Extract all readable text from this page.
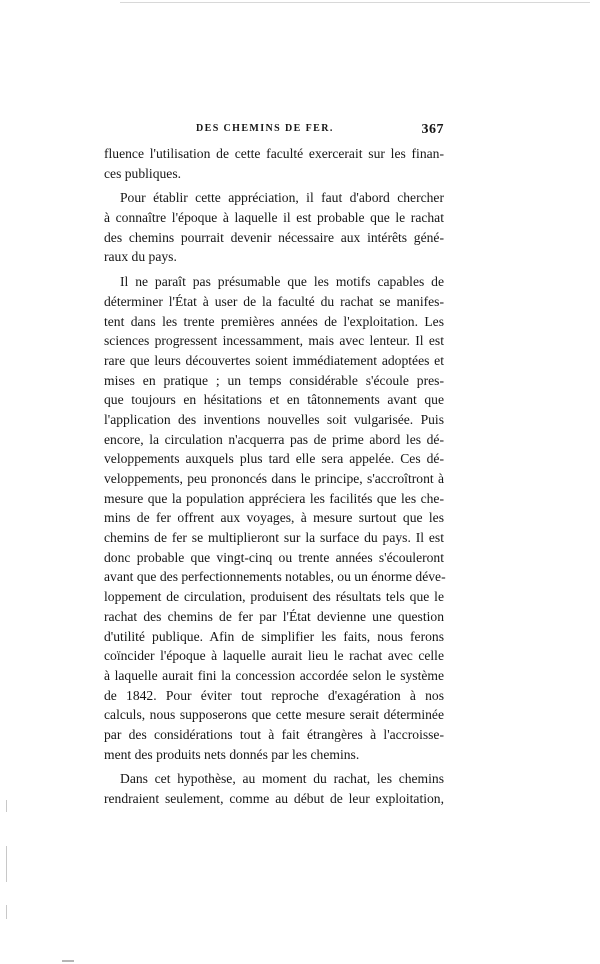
DES CHEMINS DE FER.	367
fluence l'utilisation de cette faculté exercerait sur les finan-
ces publiques.
Pour établir cette appréciation, il faut d'abord chercher
à connaître l'époque à laquelle il est probable que le rachat
des chemins pourrait devenir nécessaire aux intérêts géné-
raux du pays.
Il ne paraît pas présumable que les motifs capables de
déterminer l'État à user de la faculté du rachat se manifes-
tent dans les trente premières années de l'exploitation. Les
sciences progressent incessamment, mais avec lenteur. Il est
rare que leurs découvertes soient immédiatement adoptées et
mises en pratique ; un temps considérable s'écoule pres-
que toujours en hésitations et en tâtonnements avant que
l'application des inventions nouvelles soit vulgarisée. Puis
encore, la circulation n'acquerra pas de prime abord les dé-
veloppements auxquels plus tard elle sera appelée. Ces dé-
veloppements, peu prononcés dans le principe, s'accroîtront à
mesure que la population appréciera les facilités que les che-
mins de fer offrent aux voyages, à mesure surtout que les
chemins de fer se multiplieront sur la surface du pays. Il est
donc probable que vingt-cinq ou trente années s'écouleront
avant que des perfectionnements notables, ou un énorme déve-
loppement de circulation, produisent des résultats tels que le
rachat des chemins de fer par l'État devienne une question
d'utilité publique. Afin de simplifier les faits, nous ferons
coïncider l'époque à laquelle aurait lieu le rachat avec celle
à laquelle aurait fini la concession accordée selon le système
de 1842. Pour éviter tout reproche d'exagération à nos
calculs, nous supposerons que cette mesure serait déterminée
par des considérations tout à fait étrangères à l'accroisse-
ment des produits nets donnés par les chemins.
Dans cet hypothèse, au moment du rachat, les chemins
rendraient seulement, comme au début de leur exploitation,
